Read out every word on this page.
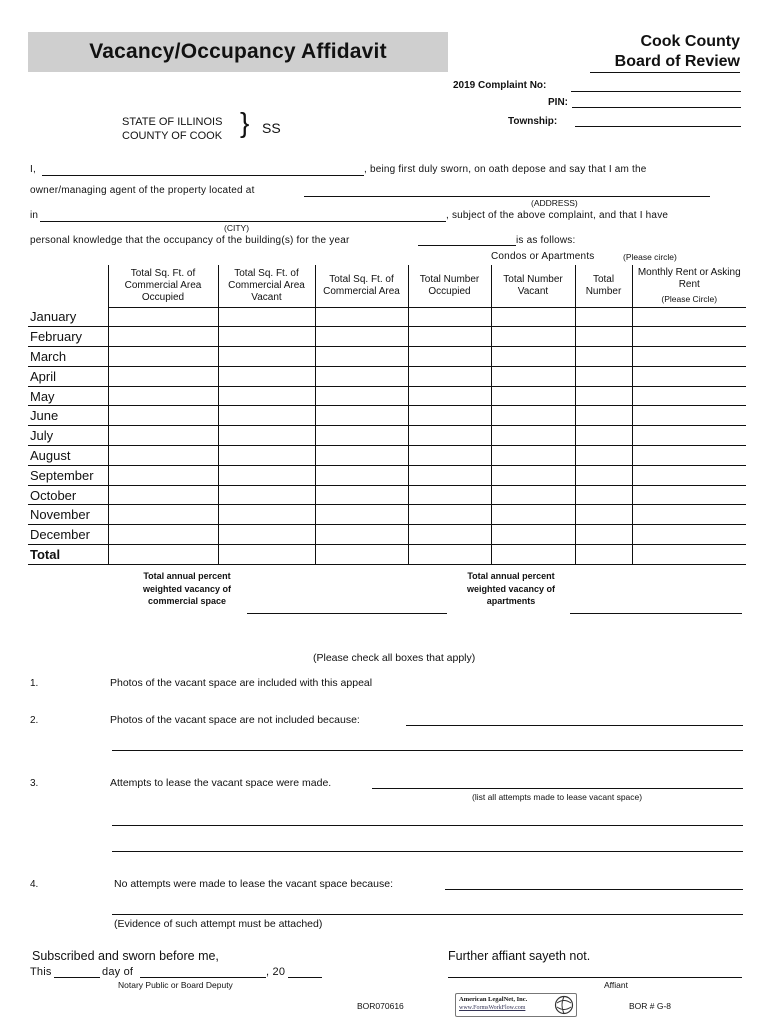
Vacancy/Occupancy Affidavit	Cook County
Board of Review
2019 Complaint No:
PIN:
Township:
STATE OF ILLINOIS
COUNTY OF COOK } SS
I,	, being first duly sworn, on oath depose and say that I am the
owner/managing agent of the property located at
(ADDRESS)
in	, subject of the above complaint, and that I have
(CITY)
personal knowledge that the occupancy of the building(s) for the year	is as follows:
Condos or Apartments	(Please circle)
	Total Sq. Ft. of Commercial Area Occupied	Total Sq. Ft. of Commercial Area Vacant	Total Sq. Ft. of Commercial Area	Total Number Occupied	Total Number Vacant	Total Number	Monthly Rent or Asking Rent
(Please Circle)

January							
February							
March							
April							
May							
June							
July							
August							
September							
October							
November							
December							
Total							
Total annual percent
weighted vacancy of
commercial space
Total annual percent
weighted vacancy of
apartments
(Please check all boxes that apply)
1.	Photos of the vacant space are included with this appeal
2.	Photos of the vacant space are not included because:
3.	Attempts to lease the vacant space were made.
(list all attempts made to lease vacant space)
4.	No attempts were made to lease the vacant space because:
(Evidence of such attempt must be attached)
Subscribed and sworn before me,
This	day of	, 20
Notary Public or Board Deputy
Further affiant sayeth not.
Affiant
BOR070616
American LegalNet, Inc.
www.FormsWorkFlow.com	BOR # G-8
